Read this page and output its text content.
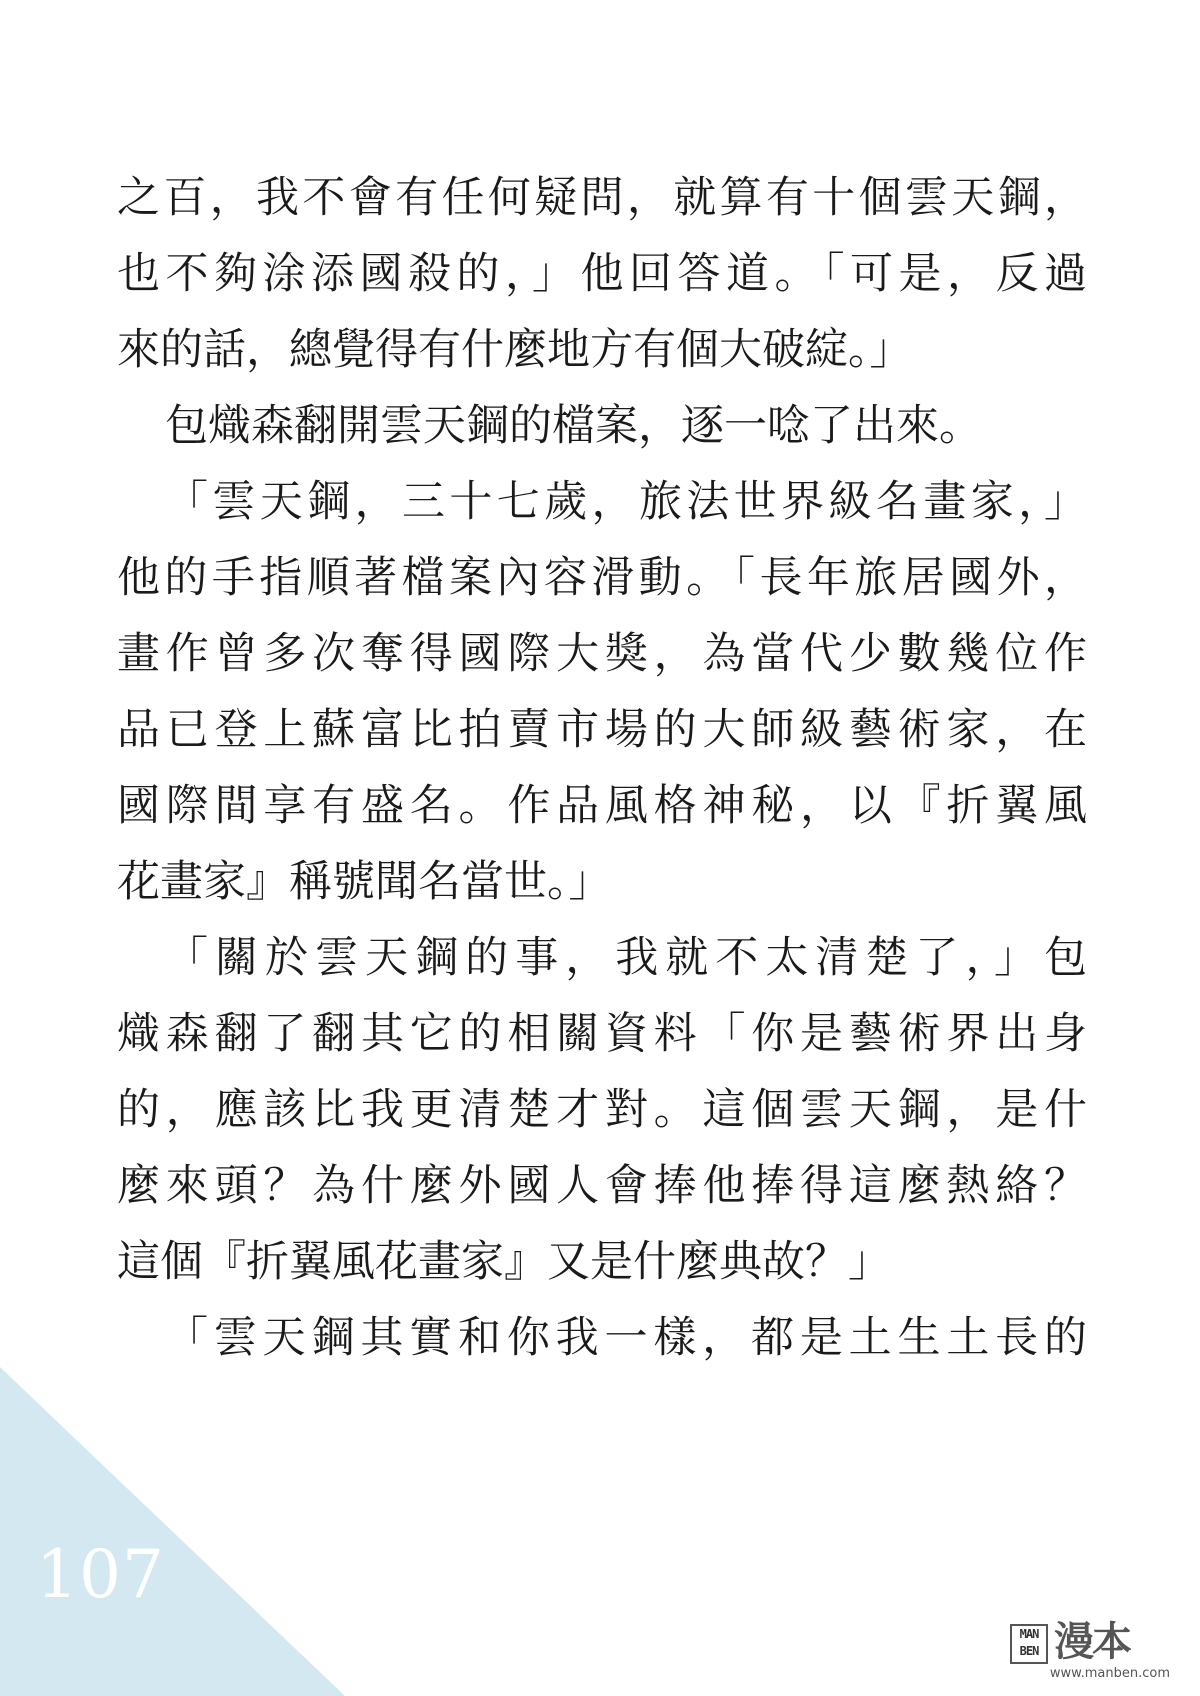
107
之百，我不會有任何疑問，就算有十個雲天鋼，
也不夠涂添國殺的，」他回答道。「可是，反過
來的話，總覺得有什麼地方有個大破綻。」
包熾森翻開雲天鋼的檔案，逐一唸了出來。
「雲天鋼，三十七歲，旅法世界級名畫家，」
他的手指順著檔案內容滑動。「長年旅居國外，
畫作曾多次奪得國際大獎，為當代少數幾位作
品已登上蘇富比拍賣市場的大師級藝術家，在
國際間享有盛名。作品風格神秘，以『折翼風
花畫家』稱號聞名當世。」
「關於雲天鋼的事，我就不太清楚了，」包
熾森翻了翻其它的相關資料「你是藝術界出身
的，應該比我更清楚才對。這個雲天鋼，是什
麼來頭？為什麼外國人會捧他捧得這麼熱絡？
這個『折翼風花畫家』又是什麼典故？」
「雲天鋼其實和你我一樣，都是土生土長的
MAN BEN 漫本
www.manben.com
